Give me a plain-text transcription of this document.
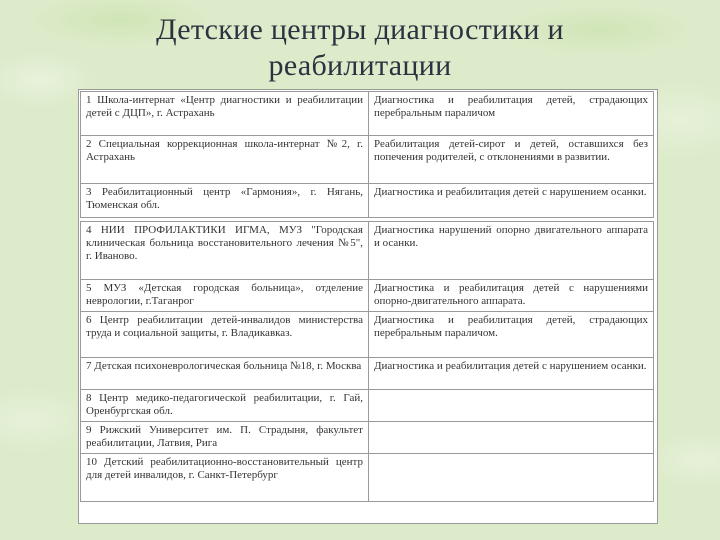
Детские центры диагностики и
реабилитации
1 Школа-интернат «Центр диагностики и реабилитации детей с ДЦП», г. Астрахань	Диагностика и реабилитация детей, страдающих перебральным параличом
2 Специальная коррекционная школа-интернат №2, г. Астрахань	Реабилитация детей-сирот и детей, оставшихся без попечения родителей, с отклонениями в развитии.
3 Реабилитационный центр «Гармония», г. Нягань, Тюменская обл.	Диагностика и реабилитация детей с нарушением осанки.

4 НИИ ПРОФИЛАКТИКИ ИГМА, МУЗ "Городская клиническая больница восстановительного лечения №5", г. Иваново.	Диагностика нарушений опорно двигательного аппарата и осанки.
5 МУЗ «Детская городская больница», отделение неврологии, г.Таганрог	Диагностика и реабилитация детей с нарушениями опорно-двигательного аппарата.
6 Центр реабилитации детей-инвалидов министерства труда и социальной защиты, г. Владикавказ.	Диагностика и реабилитация детей, страдающих перебральным параличом.
7 Детская психоневрологическая больница №18, г. Москва	Диагностика и реабилитация детей с нарушением осанки.
8 Центр медико-педагогической реабилитации, г. Гай, Оренбургская обл.	
9 Рижский Университет им. П. Страдыня, факультет реабилитации, Латвия, Рига	
10 Детский реабилитационно-восстановительный центр для детей инвалидов, г. Санкт-Петербург	
